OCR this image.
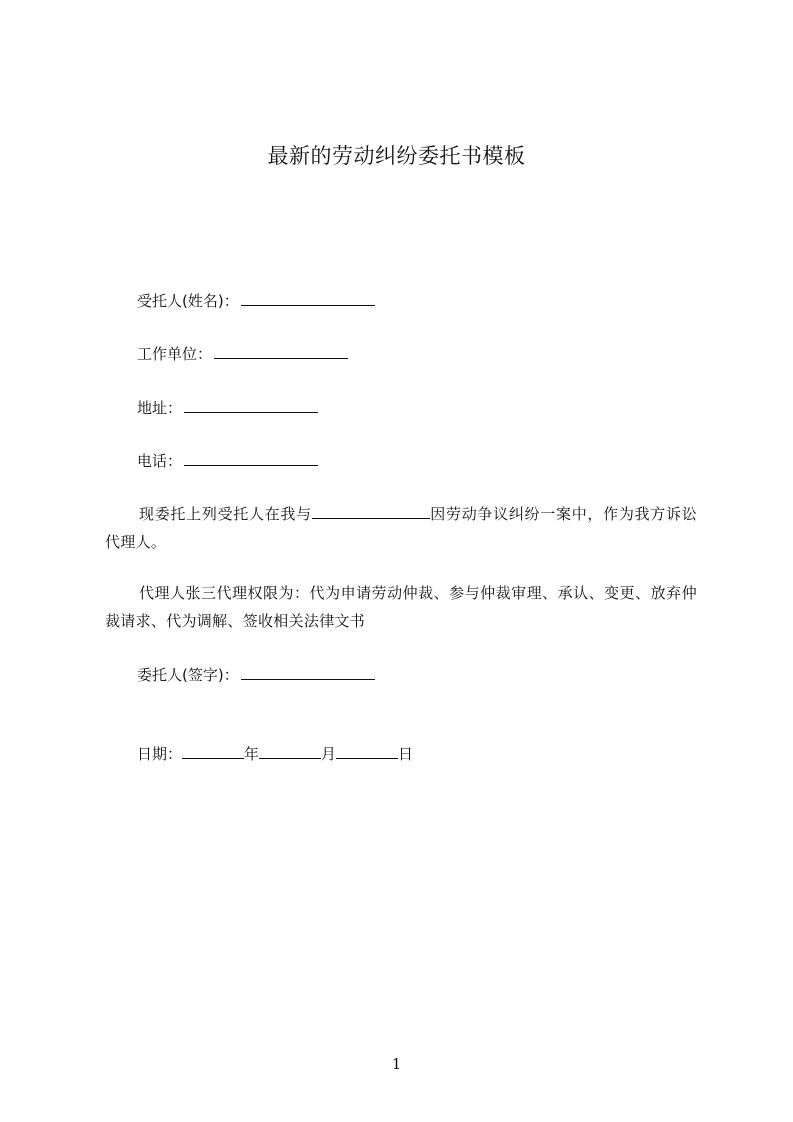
最新的劳动纠纷委托书模板
受托人(姓名)：
工作单位：
地址：
电话：
现委托上列受托人在我与	因劳动争议纠纷一案中，作为我方诉讼代理人。
代理人张三代理权限为：代为申请劳动仲裁、参与仲裁审理、承认、变更、放弃仲裁请求、代为调解、签收相关法律文书
委托人(签字)：
日期：	年	月	日
1
